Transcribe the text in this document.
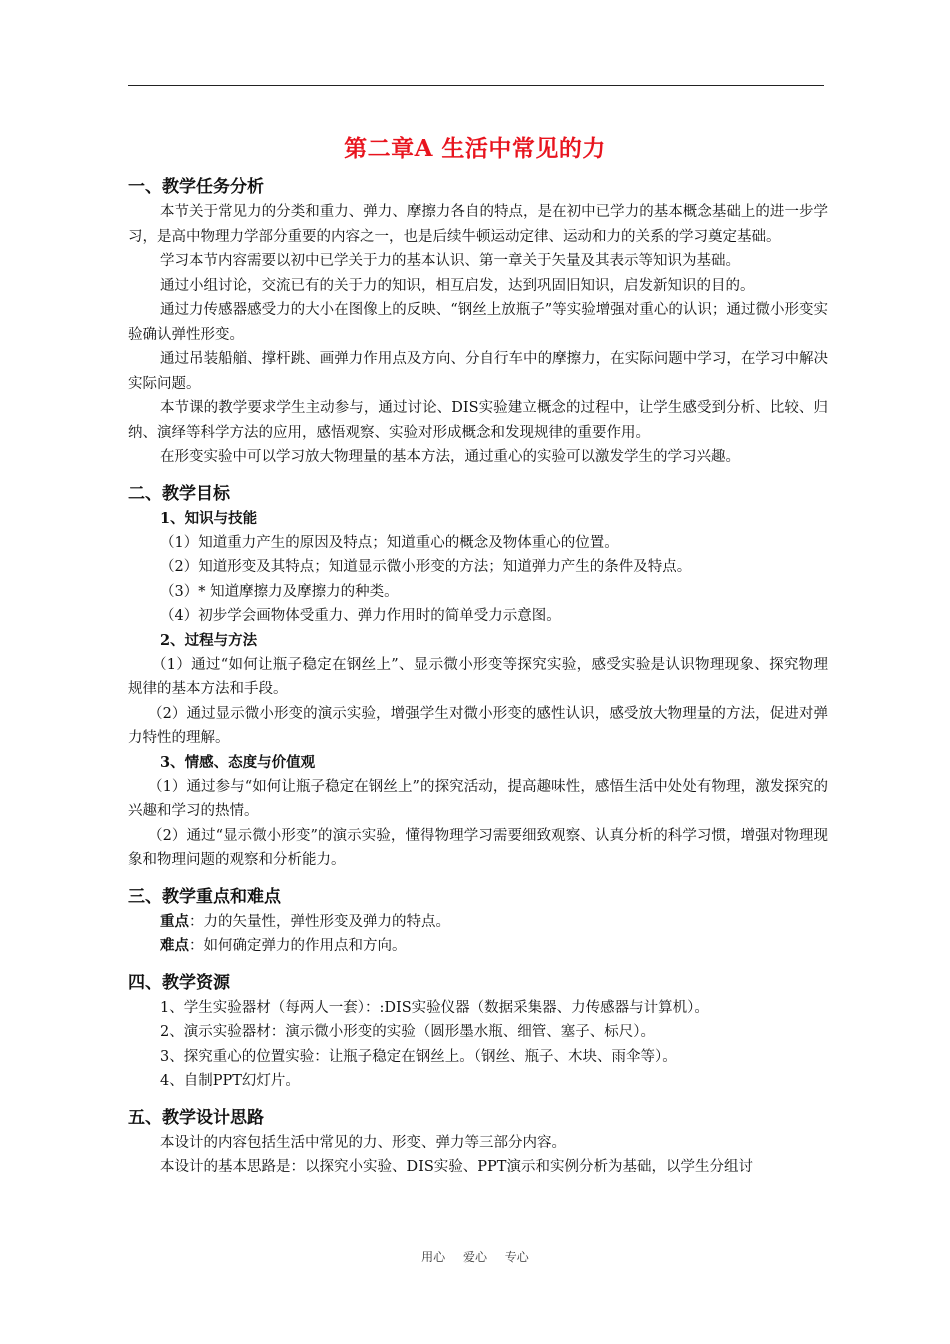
第二章A 生活中常见的力
一、教学任务分析

本节关于常见力的分类和重力、弹力、摩擦力各自的特点，是在初中已学力的基本概念基础上的进一步学习，是高中物理力学部分重要的内容之一，也是后续牛顿运动定律、运动和力的关系的学习奠定基础。

学习本节内容需要以初中已学关于力的基本认识、第一章关于矢量及其表示等知识为基础。

通过小组讨论，交流已有的关于力的知识，相互启发，达到巩固旧知识，启发新知识的目的。

通过力传感器感受力的大小在图像上的反映、“钢丝上放瓶子”等实验增强对重心的认识；通过微小形变实验确认弹性形变。

通过吊装船艏、撑杆跳、画弹力作用点及方向、分自行车中的摩擦力，在实际问题中学习，在学习中解决实际问题。

本节课的教学要求学生主动参与，通过讨论、DIS实验建立概念的过程中，让学生感受到分析、比较、归纳、演绎等科学方法的应用，感悟观察、实验对形成概念和发现规律的重要作用。

在形变实验中可以学习放大物理量的基本方法，通过重心的实验可以激发学生的学习兴趣。

二、教学目标
1、知识与技能

（1）知道重力产生的原因及特点；知道重心的概念及物体重心的位置。

（2）知道形变及其特点；知道显示微小形变的方法；知道弹力产生的条件及特点。

（3）* 知道摩擦力及摩擦力的种类。

（4）初步学会画物体受重力、弹力作用时的简单受力示意图。

2、过程与方法

（1）通过“如何让瓶子稳定在钢丝上”、显示微小形变等探究实验，感受实验是认识物理现象、探究物理规律的基本方法和手段。

（2）通过显示微小形变的演示实验，增强学生对微小形变的感性认识，感受放大物理量的方法，促进对弹力特性的理解。

3、情感、态度与价值观

（1）通过参与“如何让瓶子稳定在钢丝上”的探究活动，提高趣味性，感悟生活中处处有物理，激发探究的兴趣和学习的热情。

（2）通过“显示微小形变”的演示实验，懂得物理学习需要细致观察、认真分析的科学习惯，增强对物理现象和物理问题的观察和分析能力。

三、教学重点和难点

重点：力的矢量性，弹性形变及弹力的特点。

难点：如何确定弹力的作用点和方向。

四、教学资源

1、学生实验器材（每两人一套）：:DIS实验仪器（数据采集器、力传感器与计算机）。

2、演示实验器材：演示微小形变的实验（圆形墨水瓶、细管、塞子、标尺）。

3、探究重心的位置实验：让瓶子稳定在钢丝上。（钢丝、瓶子、木块、雨伞等）。

4、自制PPT幻灯片。

五、教学设计思路

本设计的内容包括生活中常见的力、形变、弹力等三部分内容。

本设计的基本思路是：以探究小实验、DIS实验、PPT演示和实例分析为基础，以学生分组讨

用心 爱心 专心
